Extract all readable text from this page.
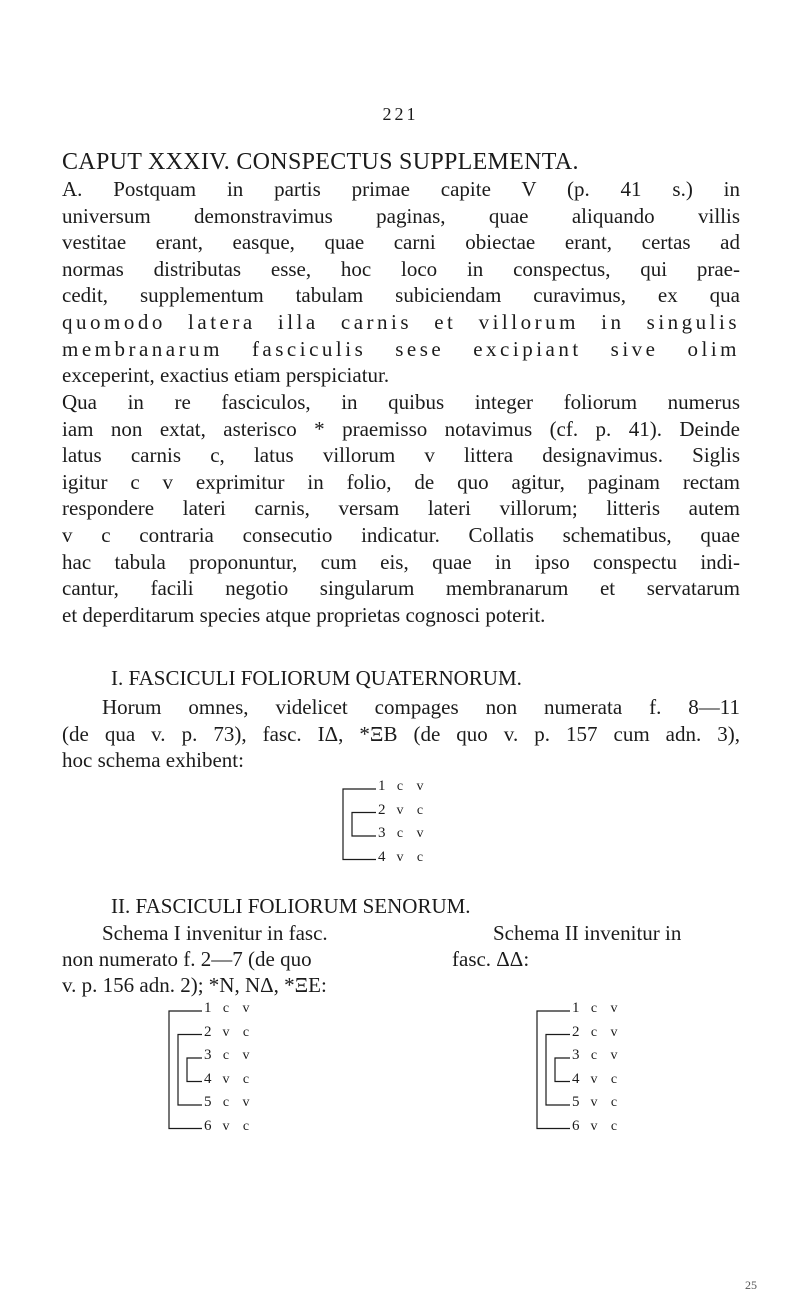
221
CAPUT XXXIV. CONSPECTUS SUPPLEMENTA.
A. Postquam in partis primae capite V (p. 41 s.) in
universum demonstravimus paginas, quae aliquando villis
vestitae erant, easque, quae carni obiectae erant, certas ad
normas distributas esse, hoc loco in conspectus, qui prae-
cedit, supplementum tabulam subiciendam curavimus, ex qua
quomodo latera illa carnis et villorum in singulis
membranarum fasciculis sese excipiant sive olim
exceperint, exactius etiam perspiciatur.
Qua in re fasciculos, in quibus integer foliorum numerus
iam non extat, asterisco * praemisso notavimus (cf. p. 41). Deinde
latus carnis c, latus villorum v littera designavimus. Siglis
igitur c v exprimitur in folio, de quo agitur, paginam rectam
respondere lateri carnis, versam lateri villorum; litteris autem
v c contraria consecutio indicatur. Collatis schematibus, quae
hac tabula proponuntur, cum eis, quae in ipso conspectu indi-
cantur, facili negotio singularum membranarum et servatarum
et deperditarum species atque proprietas cognosci poterit.
I. FASCICULI FOLIORUM QUATERNORUM.
Horum omnes, videlicet compages non numerata f. 8—11
(de qua v. p. 73), fasc. IΔ, *ΞB (de quo v. p. 157 cum adn. 3),
hoc schema exhibent:
1 c v
2 v c
3 c v
4 v c
II. FASCICULI FOLIORUM SENORUM.
Schema I invenitur in fasc.
non numerato f. 2—7 (de quo
v. p. 156 adn. 2); *N, NΔ, *ΞE:
Schema II invenitur in
fasc. ΔΔ:
1 c v
2 v c
3 c v
4 v c
5 c v
6 v c
1 c v
2 c v
3 c v
4 v c
5 v c
6 v c
25
